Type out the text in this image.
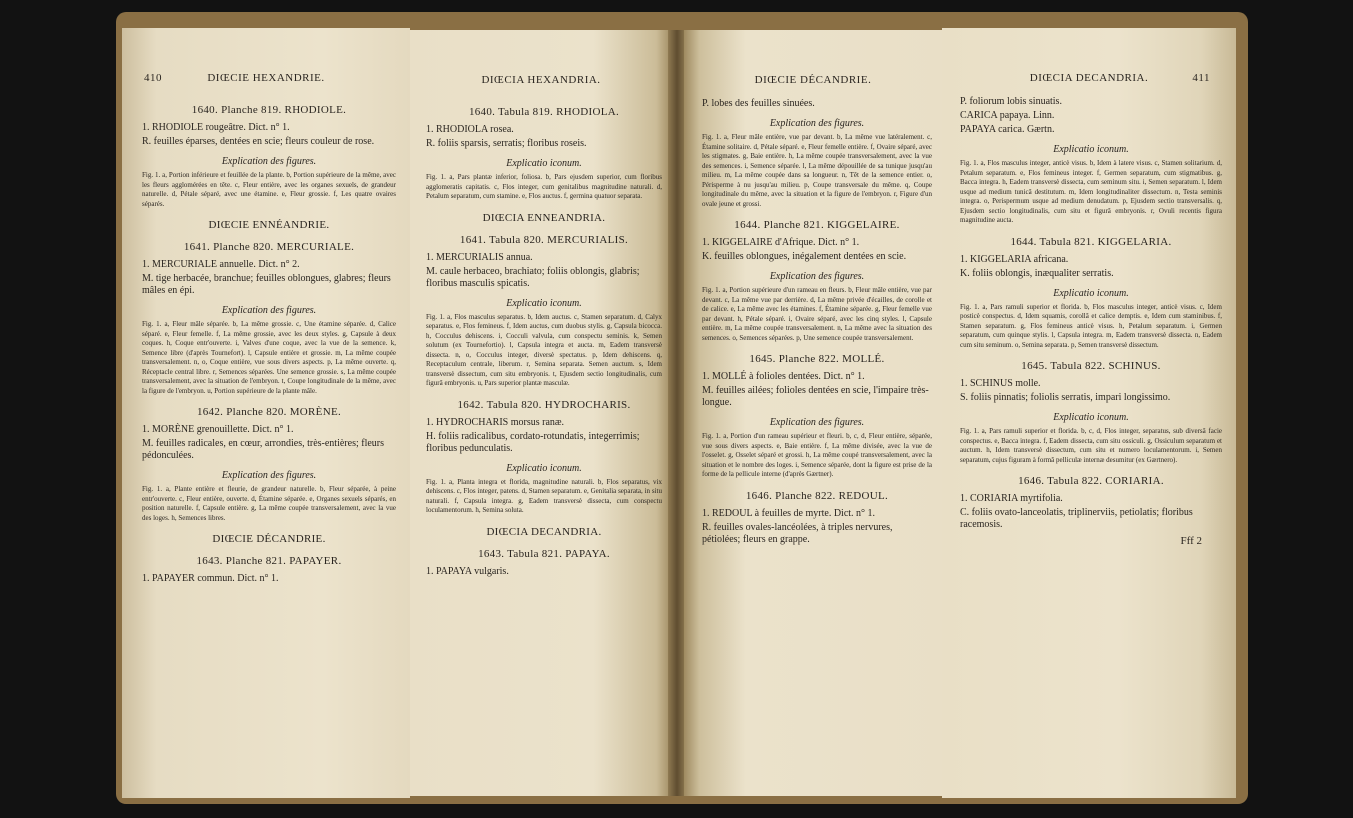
410	DIŒCIE HEXANDRIE.
1640. Planche 819. RHODIOLE.
1. RHODIOLE rougeâtre. Dict. n° 1.
R. feuilles éparses, dentées en scie; fleurs couleur de rose.
Explication des figures.
Fig. 1. a, Portion inférieure et feuillée de la plante. b, Portion supérieure de la même, avec les fleurs agglomérées en tête. c, Fleur entière, avec les organes sexuels, de grandeur naturelle. d, Pétale séparé, avec une étamine. e, Fleur grossie. f, Les quatre ovaires séparés.
DIŒCIE ENNÉANDRIE.
1641. Planche 820. MERCURIALE.
1. MERCURIALE annuelle. Dict. n° 2.
M. tige herbacée, branchue; feuilles oblongues, glabres; fleurs mâles en épi.
Explication des figures.
Fig. 1. a, Fleur mâle séparée. b, La même grossie. c, Une étamine séparée. d, Calice séparé. e, Fleur femelle. f, La même grossie, avec les deux styles. g, Capsule à deux coques. h, Coque entr'ouverte. i, Valves d'une coque, avec la vue de la semence. k, Semence libre (d'après Tournefort). l, Capsule entière et grossie. m, La même coupée transversalement. n, o, Coque entière, vue sous divers aspects. p, La même ouverte. q, Réceptacle central libre. r, Semences séparées. Une semence grossie. s, La même coupée transversalement, avec la situation de l'embryon. t, Coupe longitudinale de la même, avec la figure de l'embryon. u, Portion supérieure de la plante mâle.
1642. Planche 820. MORÈNE.
1. MORÈNE grenouillette. Dict. n° 1.
M. feuilles radicales, en cœur, arrondies, très-entières; fleurs pédonculées.
Explication des figures.
Fig. 1. a, Plante entière et fleurie, de grandeur naturelle. b, Fleur séparée, à peine entr'ouverte. c, Fleur entière, ouverte. d, Étamine séparée. e, Organes sexuels séparés, en position naturelle. f, Capsule entière. g, La même coupée transversalement, avec la vue des loges. h, Semences libres.
DIŒCIE DÉCANDRIE.
1643. Planche 821. PAPAYER.
1. PAPAYER commun. Dict. n° 1.
DIŒCIA HEXANDRIA.
1640. Tabula 819. RHODIOLA.
1. RHODIOLA rosea.
R. foliis sparsis, serratis; floribus roseis.
Explicatio iconum.
Fig. 1. a, Pars plantæ inferior, foliosa. b, Pars ejusdem superior, cum floribus agglomeratis capitatis. c, Flos integer, cum genitalibus magnitudine naturali. d, Petalum separatum, cum stamine. e, Flos auctus. f, germina quatuor separata.
DIŒCIA ENNEANDRIA.
1641. Tabula 820. MERCURIALIS.
1. MERCURIALIS annua.
M. caule herbaceo, brachiato; foliis oblongis, glabris; floribus masculis spicatis.
Explicatio iconum.
Fig. 1. a, Flos masculus separatus. b, Idem auctus. c, Stamen separatum. d, Calyx separatus. e, Flos femineus. f, Idem auctus, cum duobus stylis. g, Capsula bicocca. h, Cocculus dehiscens. i, Cocculi valvula, cum conspectu seminis. k, Semen solutum (ex Tournefortio). l, Capsula integra et aucta. m, Eadem transversè dissecta. n, o, Cocculus integer, diversè spectatus. p, Idem dehiscens. q, Receptaculum centrale, liberum. r, Semina separata. Semen auctum. s, Idem transversè dissectum, cum situ embryonis. t, Ejusdem sectio longitudinalis, cum figurâ embryonis. u, Pars superior plantæ masculæ.
1642. Tabula 820. HYDROCHARIS.
1. HYDROCHARIS morsus ranæ.
H. foliis radicalibus, cordato-rotundatis, integerrimis; floribus pedunculatis.
Explicatio iconum.
Fig. 1. a, Planta integra et florida, magnitudine naturali. b, Flos separatus, vix dehiscens. c, Flos integer, patens. d, Stamen separatum. e, Genitalia separata, in situ naturali. f, Capsula integra. g, Eadem transversè dissecta, cum conspectu loculamentorum. h, Semina soluta.
DIŒCIA DECANDRIA.
1643. Tabula 821. PAPAYA.
1. PAPAYA vulgaris.
DIŒCIE DÉCANDRIE.
P. lobes des feuilles sinuées.
Explication des figures.
Fig. 1. a, Fleur mâle entière, vue par devant. b, La même vue latéralement. c, Étamine solitaire. d, Pétale séparé. e, Fleur femelle entière. f, Ovaire séparé, avec les stigmates. g, Baie entière. h, La même coupée transversalement, avec la vue des semences. i, Semence séparée. l, La même dépouillée de sa tunique jusqu'au milieu. m, La même coupée dans sa longueur. n, Têt de la semence entier. o, Périsperme à nu jusqu'au milieu. p, Coupe transversale du même. q, Coupe longitudinale du même, avec la situation et la figure de l'embryon. r, Figure d'un ovale jeune et grossi.
1644. Planche 821. KIGGELAIRE.
1. KIGGELAIRE d'Afrique. Dict. n° 1.
K. feuilles oblongues, inégalement dentées en scie.
Explication des figures.
Fig. 1. a, Portion supérieure d'un rameau en fleurs. b, Fleur mâle entière, vue par devant. c, La même vue par derrière. d, La même privée d'écailles, de corolle et de calice. e, La même avec les étamines. f, Étamine séparée. g, Fleur femelle vue par devant. h, Pétale séparé. i, Ovaire séparé, avec les cinq styles. l, Capsule entière. m, La même coupée transversalement. n, La même avec la situation des semences. o, Semences séparées. p, Une semence coupée transversalement.
1645. Planche 822. MOLLÉ.
1. MOLLÉ à folioles dentées. Dict. n° 1.
M. feuilles ailées; folioles dentées en scie, l'impaire très-longue.
Explication des figures.
Fig. 1. a, Portion d'un rameau supérieur et fleuri. b, c, d, Fleur entière, séparée, vue sous divers aspects. e, Baie entière. f, La même divisée, avec la vue de l'osselet. g, Osselet séparé et grossi. h, La même coupé transversalement, avec la situation et le nombre des loges. i, Semence séparée, dont la figure est prise de la forme de la pellicule interne (d'après Gærtner).
1646. Planche 822. REDOUL.
1. REDOUL à feuilles de myrte. Dict. n° 1.
R. feuilles ovales-lancéolées, à triples nervures, pétiolées; fleurs en grappe.
DIŒCIA DECANDRIA.	411
P. foliorum lobis sinuatis.
CARICA papaya. Linn.
PAPAYA carica. Gærtn.
Explicatio iconum.
Fig. 1. a, Flos masculus integer, anticè visus. b, Idem à latere visus. c, Stamen solitarium. d, Petalum separatum. e, Flos femineus integer. f, Germen separatum, cum stigmatibus. g, Bacca integra. h, Eadem transversè dissecta, cum seminum situ. i, Semen separatum. l, Idem usque ad medium tunicâ destitutum. m, Idem longitudinaliter dissectum. n, Testa seminis integra. o, Perispermum usque ad medium denudatum. p, Ejusdem sectio transversalis. q, Ejusdem sectio longitudinalis, cum situ et figurâ embryonis. r, Ovuli recentis figura magnitudine aucta.
1644. Tabula 821. KIGGELARIA.
1. KIGGELARIA africana.
K. foliis oblongis, inæqualiter serratis.
Explicatio iconum.
Fig. 1. a, Pars ramuli superior et florida. b, Flos masculus integer, anticè visus. c, Idem posticè conspectus. d, Idem squamis, corollâ et calice demptis. e, Idem cum staminibus. f, Stamen separatum. g, Flos femineus anticè visus. h, Petalum separatum. i, Germen separatum, cum quinque stylis. l, Capsula integra. m, Eadem transversè dissecta. n, Eadem cum situ seminum. o, Semina separata. p, Semen transversè dissectum.
1645. Tabula 822. SCHINUS.
1. SCHINUS molle.
S. foliis pinnatis; foliolis serratis, impari longissimo.
Explicatio iconum.
Fig. 1. a, Pars ramuli superior et florida. b, c, d, Flos integer, separatus, sub diversâ facie conspectus. e, Bacca integra. f, Eadem dissecta, cum situ ossiculi. g, Ossiculum separatum et auctum. h, Idem transversè dissectum, cum situ et numero loculamentorum. i, Semen separatum, cujus figuram à formâ pelliculæ internæ desumitur (ex Gærtnero).
1646. Tabula 822. CORIARIA.
1. CORIARIA myrtifolia.
C. foliis ovato-lanceolatis, triplinerviis, petiolatis; floribus racemosis.
Fff 2
